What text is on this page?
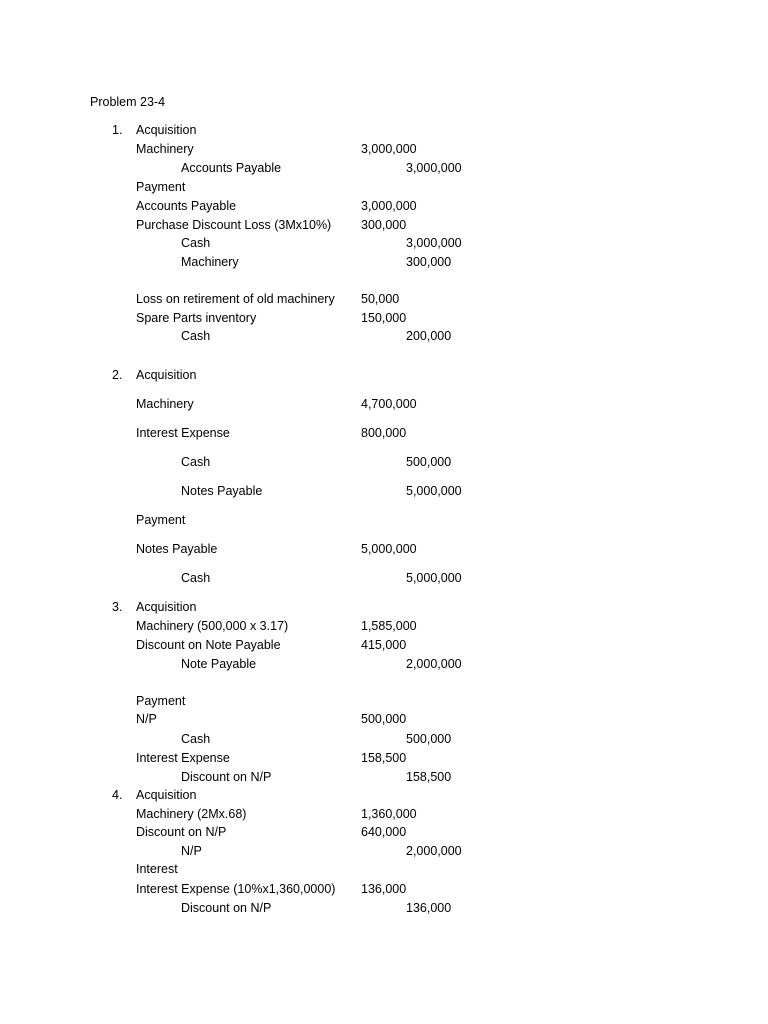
Problem 23-4
1. Acquisition
Machinery	3,000,000
Accounts Payable	3,000,000
Payment
Accounts Payable	3,000,000
Purchase Discount Loss (3Mx10%) 300,000
Cash	3,000,000
Machinery	300,000
Loss on retirement of old machinery 50,000
Spare Parts inventory	150,000
Cash	200,000
2. Acquisition
Machinery	4,700,000
Interest Expense	800,000
Cash	500,000
Notes Payable	5,000,000
Payment
Notes Payable	5,000,000
Cash	5,000,000
3. Acquisition
Machinery (500,000 x 3.17)	1,585,000
Discount on Note Payable	415,000
Note Payable	2,000,000
Payment
N/P	500,000
Cash	500,000
Interest Expense	158,500
Discount on N/P	158,500
4. Acquisition
Machinery (2Mx.68)	1,360,000
Discount on N/P	640,000
N/P	2,000,000
Interest
Interest Expense (10%x1,360,0000) 136,000
Discount on N/P	136,000
